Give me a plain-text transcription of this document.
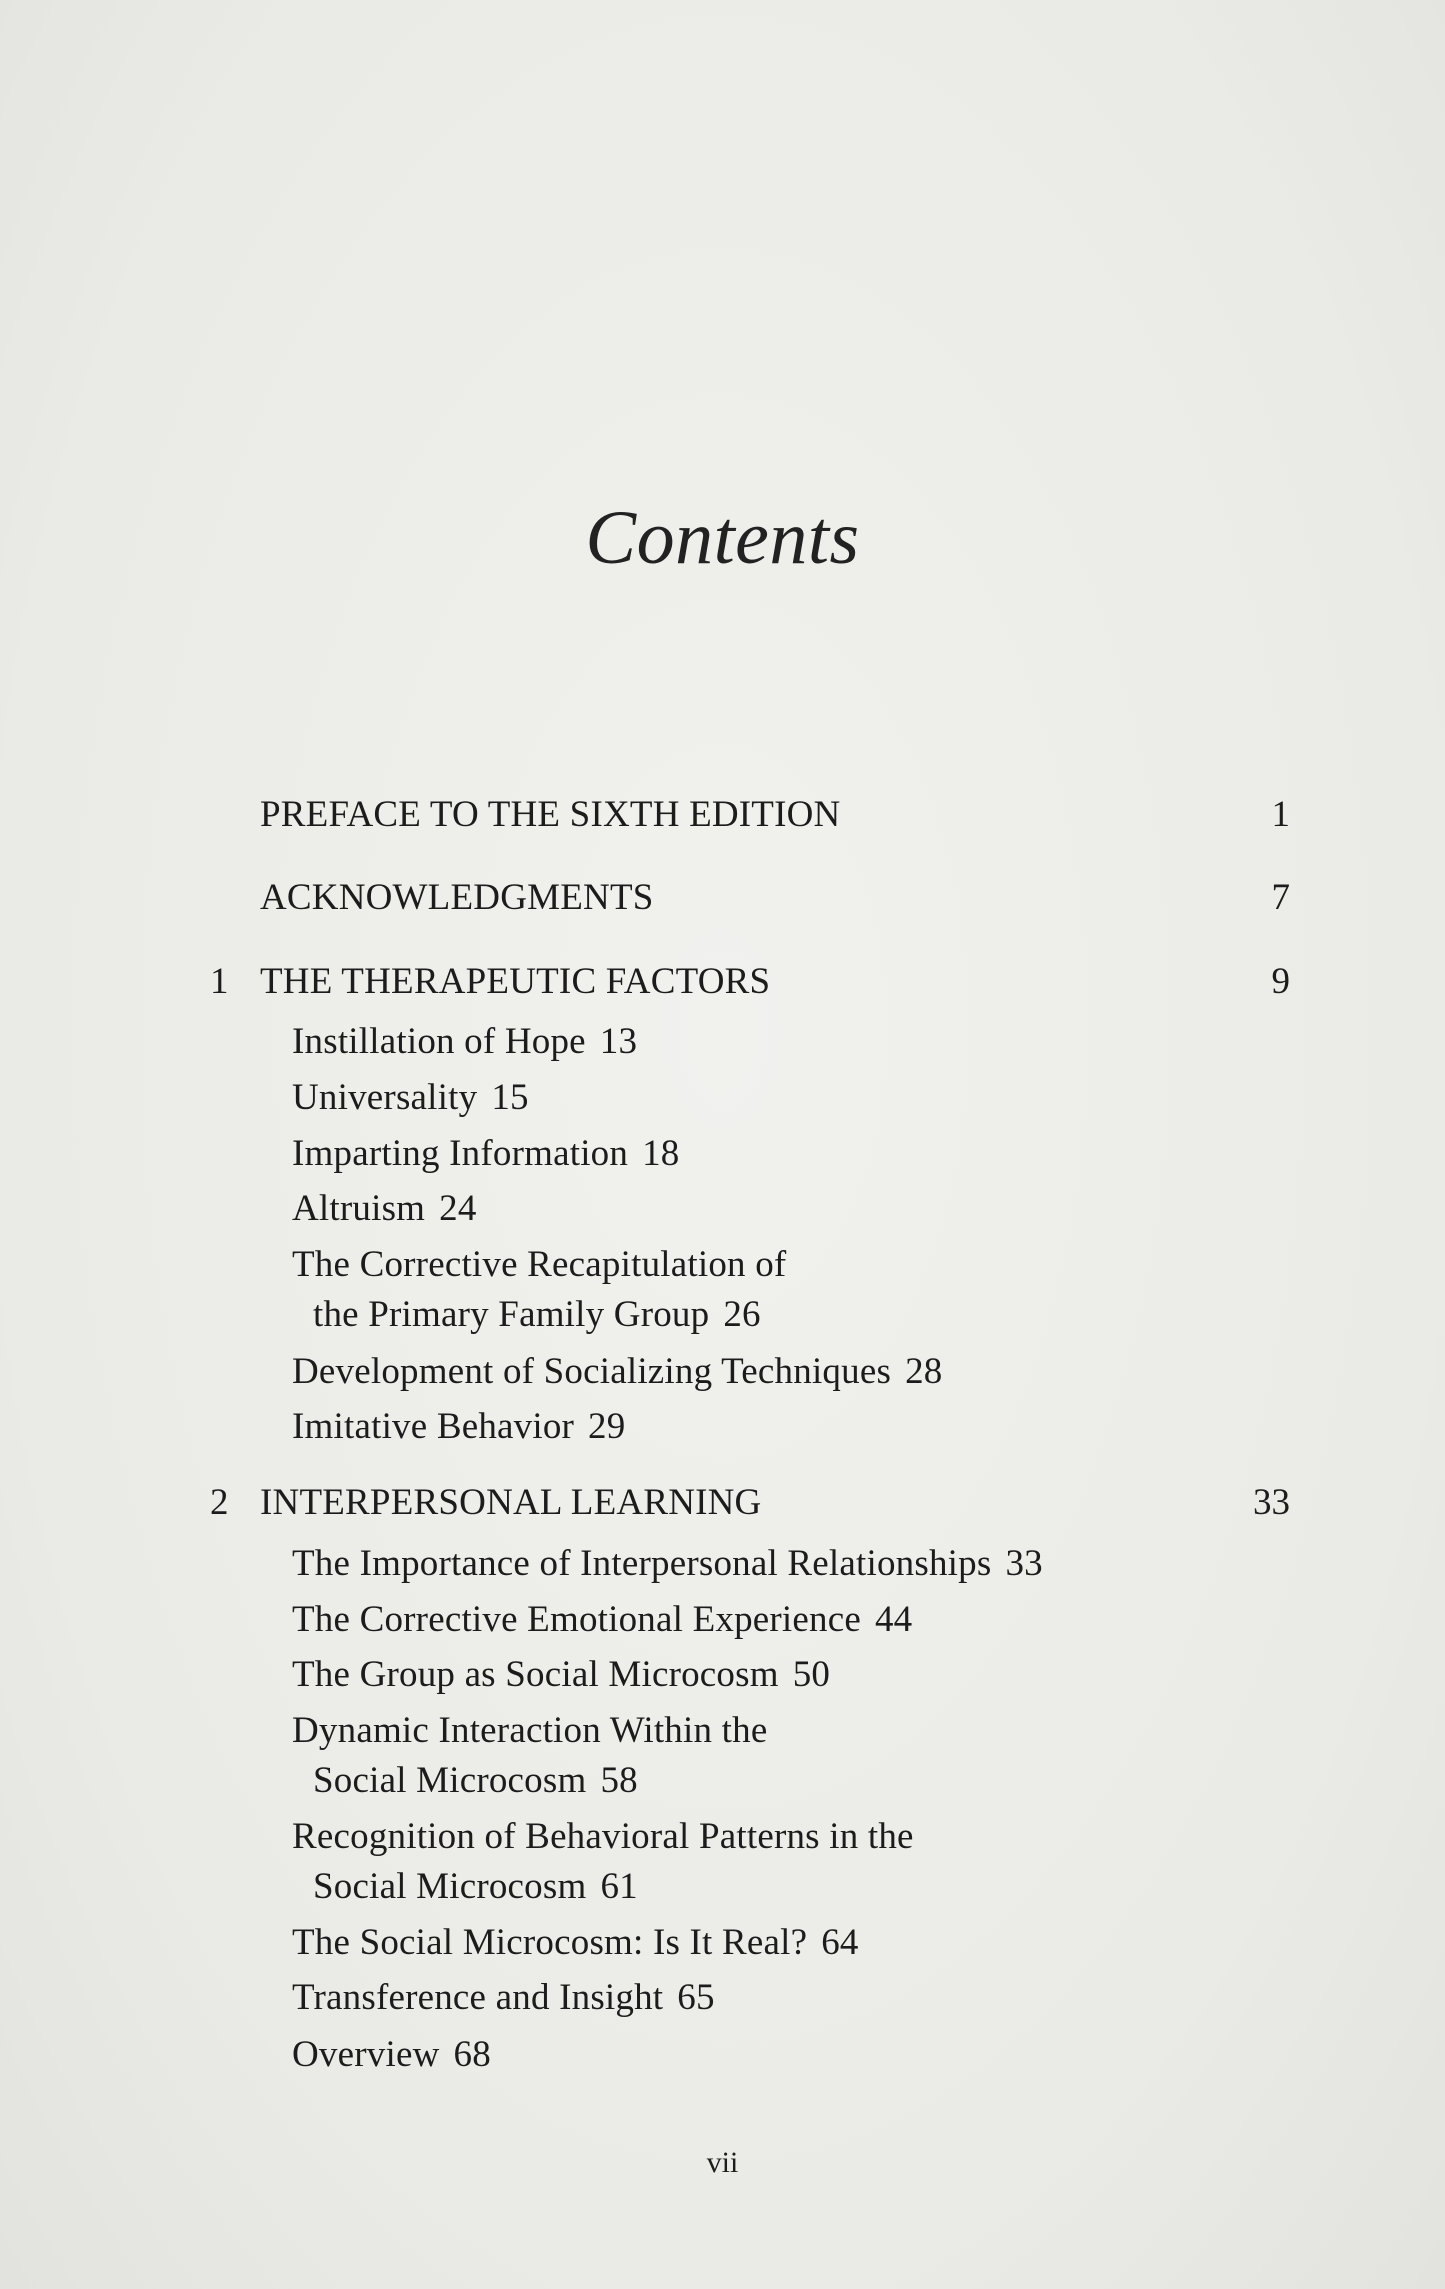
Contents
PREFACE TO THE SIXTH EDITION	1
ACKNOWLEDGMENTS	7
1 THE THERAPEUTIC FACTORS	9
Instillation of Hope 13
Universality 15
Imparting Information 18
Altruism 24
The Corrective Recapitulation of
the Primary Family Group 26
Development of Socializing Techniques 28
Imitative Behavior 29
2 INTERPERSONAL LEARNING	33
The Importance of Interpersonal Relationships 33
The Corrective Emotional Experience 44
The Group as Social Microcosm 50
Dynamic Interaction Within the
Social Microcosm 58
Recognition of Behavioral Patterns in the
Social Microcosm 61
The Social Microcosm: Is It Real? 64
Transference and Insight 65
Overview 68
vii
